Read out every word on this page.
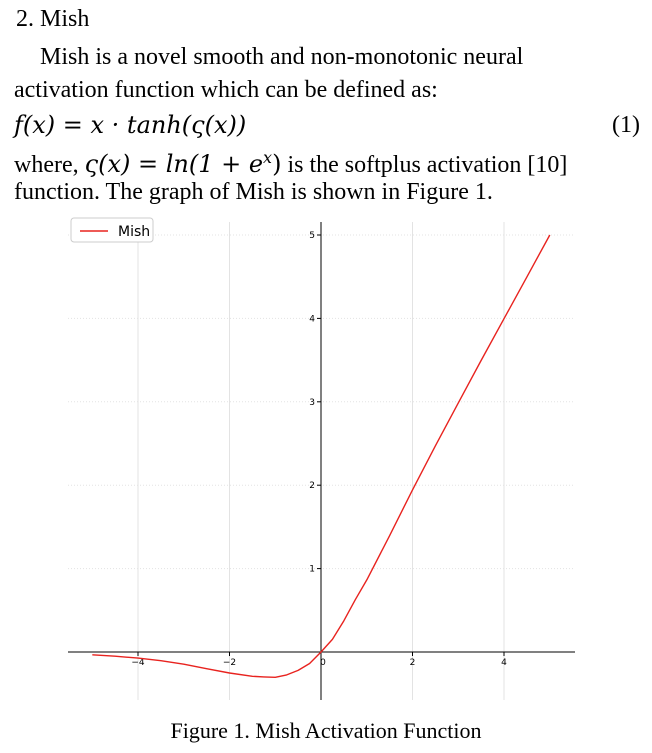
2. Mish
Mish is a novel smooth and non-monotonic neural
activation function which can be defined as:
f(x) = x · tanh(ς(x))	(1)
where, $\varsigma(x) = \ln(1 + e^x)$ is the softplus activation [10]
function. The graph of Mish is shown in Figure 1.
−4	−2	0	2	4
1
2
3
4
5
Mish
Figure 1. Mish Activation Function
